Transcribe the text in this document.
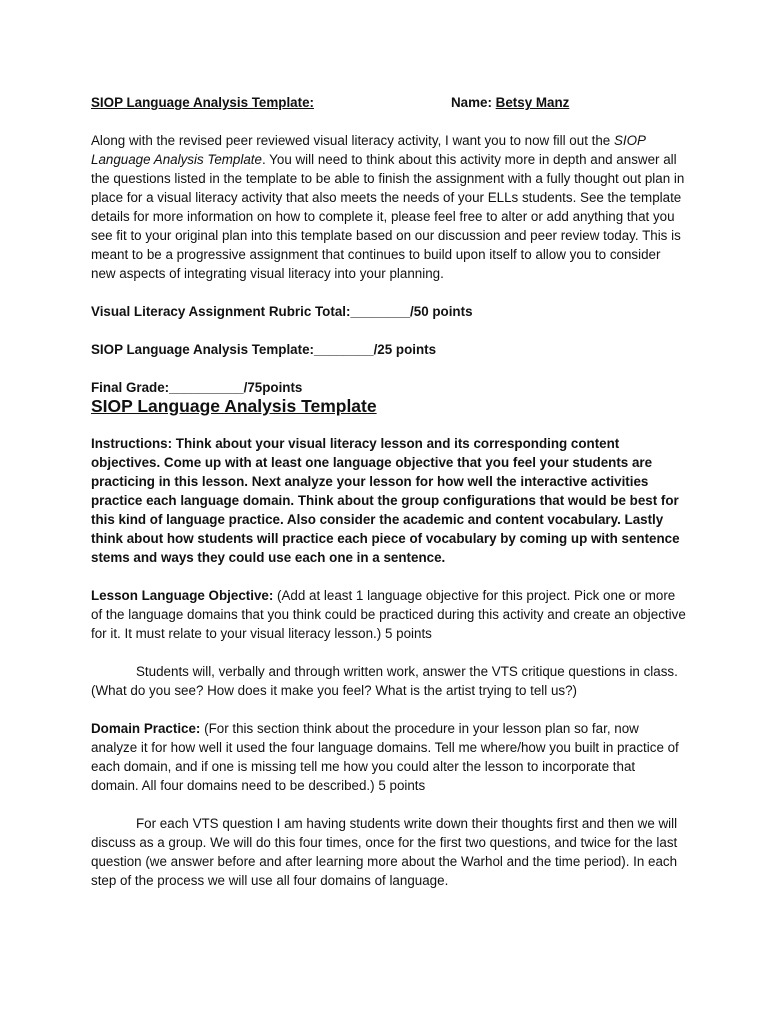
SIOP Language Analysis Template:	Name: Betsy Manz

Along with the revised peer reviewed visual literacy activity, I want you to now fill out the SIOP Language Analysis Template. You will need to think about this activity more in depth and answer all the questions listed in the template to be able to finish the assignment with a fully thought out plan in place for a visual literacy activity that also meets the needs of your ELLs students. See the template details for more information on how to complete it, please feel free to alter or add anything that you see fit to your original plan into this template based on our discussion and peer review today. This is meant to be a progressive assignment that continues to build upon itself to allow you to consider new aspects of integrating visual literacy into your planning.

Visual Literacy Assignment Rubric Total:________/50 points

SIOP Language Analysis Template:________/25 points

Final Grade:__________/75points

SIOP Language Analysis Template

Instructions: Think about your visual literacy lesson and its corresponding content objectives. Come up with at least one language objective that you feel your students are practicing in this lesson. Next analyze your lesson for how well the interactive activities practice each language domain. Think about the group configurations that would be best for this kind of language practice. Also consider the academic and content vocabulary. Lastly think about how students will practice each piece of vocabulary by coming up with sentence stems and ways they could use each one in a sentence.

Lesson Language Objective: (Add at least 1 language objective for this project. Pick one or more of the language domains that you think could be practiced during this activity and create an objective for it. It must relate to your visual literacy lesson.) 5 points

Students will, verbally and through written work, answer the VTS critique questions in class. (What do you see? How does it make you feel? What is the artist trying to tell us?)

Domain Practice: (For this section think about the procedure in your lesson plan so far, now analyze it for how well it used the four language domains. Tell me where/how you built in practice of each domain, and if one is missing tell me how you could alter the lesson to incorporate that domain. All four domains need to be described.) 5 points

For each VTS question I am having students write down their thoughts first and then we will discuss as a group. We will do this four times, once for the first two questions, and twice for the last question (we answer before and after learning more about the Warhol and the time period). In each step of the process we will use all four domains of language.
